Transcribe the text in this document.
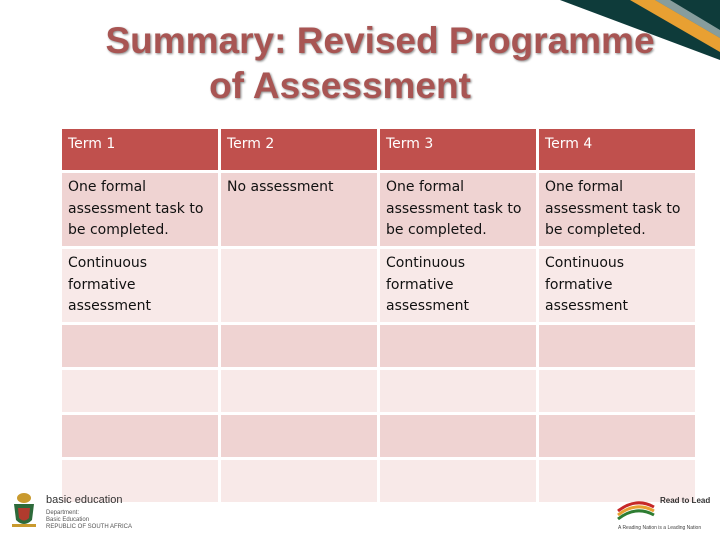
Summary: Revised Programme
of Assessment
Term 1	Term 2	Term 3	Term 4
One formal assessment task to be completed.	No assessment	One formal assessment task to be completed.	One formal assessment task to be completed.
Continuous formative assessment		Continuous formative assessment	Continuous formative assessment

basic education
Department:
Basic Education
REPUBLIC OF SOUTH AFRICA
Read to Lead
A Reading Nation is a Leading Nation
